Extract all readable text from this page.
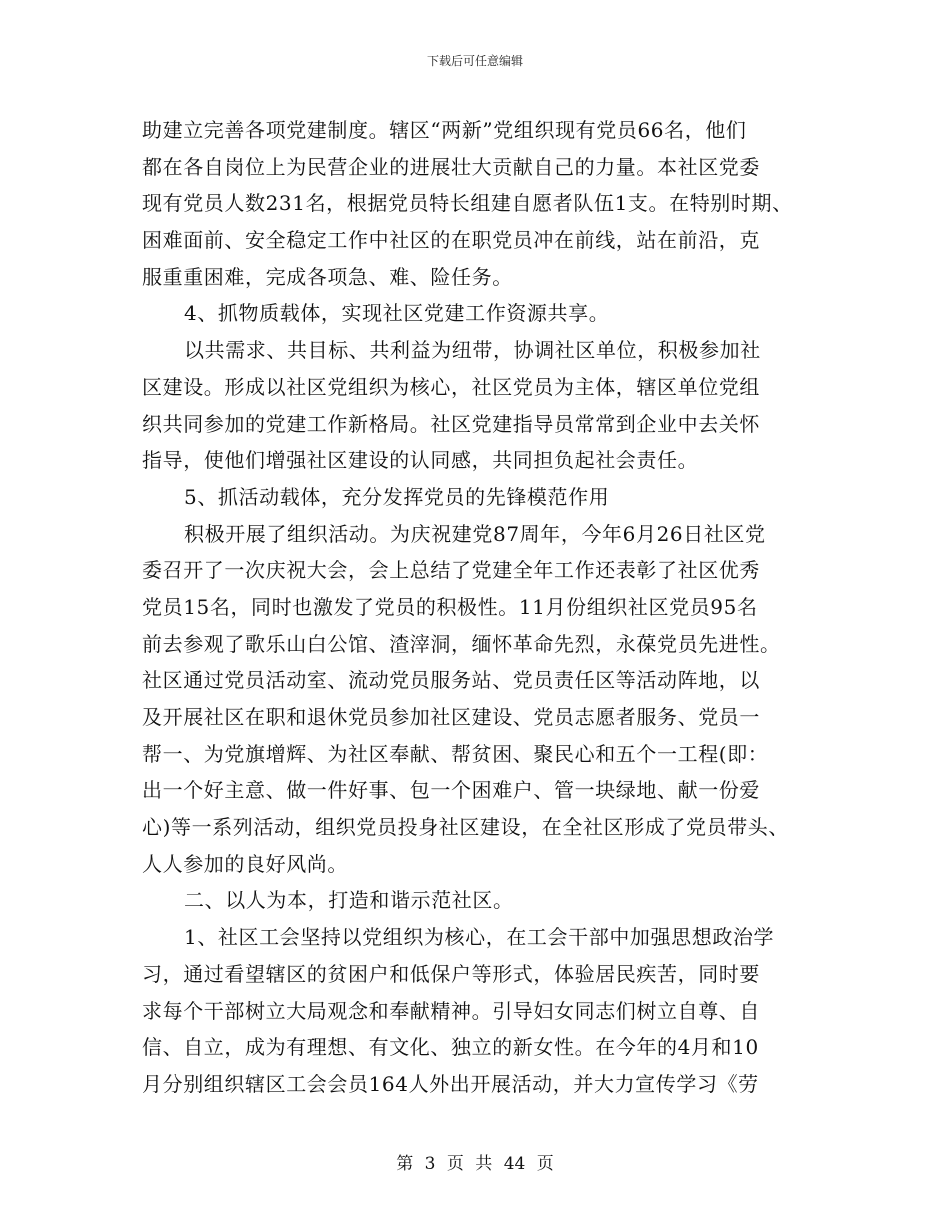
下载后可任意编辑
助建立完善各项党建制度。辖区“两新”党组织现有党员66名，他们
都在各自岗位上为民营企业的进展壮大贡献自己的力量。本社区党委
现有党员人数231名，根据党员特长组建自愿者队伍1支。在特别时期、
困难面前、安全稳定工作中社区的在职党员冲在前线，站在前沿，克
服重重困难，完成各项急、难、险任务。
4、抓物质载体，实现社区党建工作资源共享。
以共需求、共目标、共利益为纽带，协调社区单位，积极参加社
区建设。形成以社区党组织为核心，社区党员为主体，辖区单位党组
织共同参加的党建工作新格局。社区党建指导员常常到企业中去关怀
指导，使他们增强社区建设的认同感，共同担负起社会责任。
5、抓活动载体，充分发挥党员的先锋模范作用
积极开展了组织活动。为庆祝建党87周年，今年6月26日社区党
委召开了一次庆祝大会，会上总结了党建全年工作还表彰了社区优秀
党员15名，同时也激发了党员的积极性。11月份组织社区党员95名
前去参观了歌乐山白公馆、渣滓洞，缅怀革命先烈，永葆党员先进性。
社区通过党员活动室、流动党员服务站、党员责任区等活动阵地，以
及开展社区在职和退休党员参加社区建设、党员志愿者服务、党员一
帮一、为党旗增辉、为社区奉献、帮贫困、聚民心和五个一工程(即：
出一个好主意、做一件好事、包一个困难户、管一块绿地、献一份爱
心)等一系列活动，组织党员投身社区建设，在全社区形成了党员带头、
人人参加的良好风尚。
二、以人为本，打造和谐示范社区。
1、社区工会坚持以党组织为核心，在工会干部中加强思想政治学
习，通过看望辖区的贫困户和低保户等形式，体验居民疾苦，同时要
求每个干部树立大局观念和奉献精神。引导妇女同志们树立自尊、自
信、自立，成为有理想、有文化、独立的新女性。在今年的4月和10
月分别组织辖区工会会员164人外出开展活动，并大力宣传学习《劳
第 3 页 共 44 页
